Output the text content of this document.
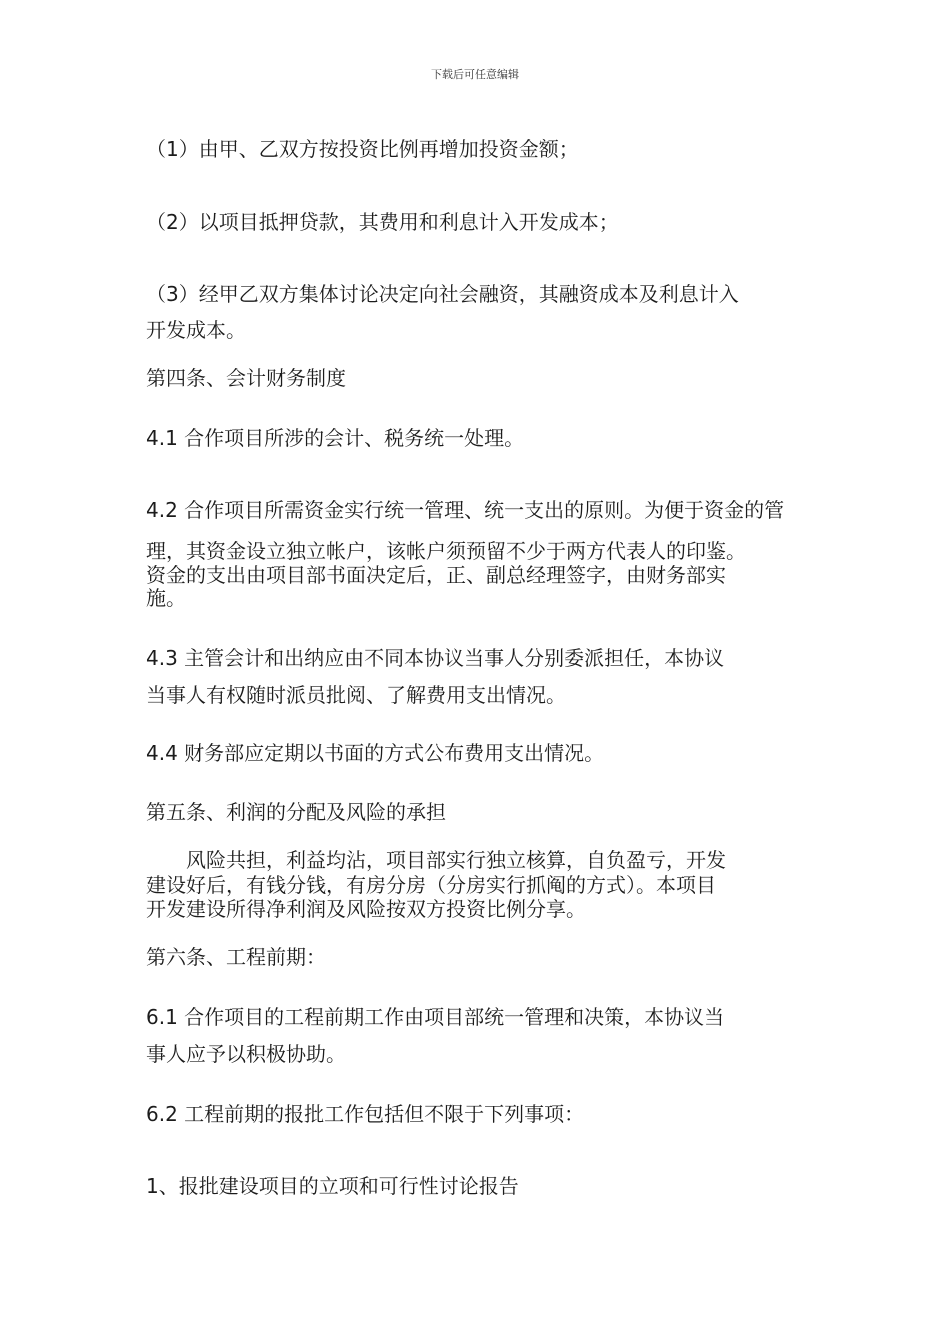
下载后可任意编辑
（1）由甲、乙双方按投资比例再增加投资金额；
（2）以项目抵押贷款，其费用和利息计入开发成本；
（3）经甲乙双方集体讨论决定向社会融资，其融资成本及利息计入
开发成本。
第四条、会计财务制度
4.1 合作项目所涉的会计、税务统一处理。
4.2 合作项目所需资金实行统一管理、统一支出的原则。为便于资金的管
理，其资金设立独立帐户，该帐户须预留不少于两方代表人的印鉴。
资金的支出由项目部书面决定后，正、副总经理签字，由财务部实
施。
4.3 主管会计和出纳应由不同本协议当事人分别委派担任，本协议
当事人有权随时派员批阅、了解费用支出情况。
4.4 财务部应定期以书面的方式公布费用支出情况。
第五条、利润的分配及风险的承担
风险共担，利益均沾，项目部实行独立核算，自负盈亏，开发
建设好后，有钱分钱，有房分房（分房实行抓阄的方式）。本项目
开发建设所得净利润及风险按双方投资比例分享。
第六条、工程前期：
6.1 合作项目的工程前期工作由项目部统一管理和决策，本协议当
事人应予以积极协助。
6.2 工程前期的报批工作包括但不限于下列事项：
1、报批建设项目的立项和可行性讨论报告
